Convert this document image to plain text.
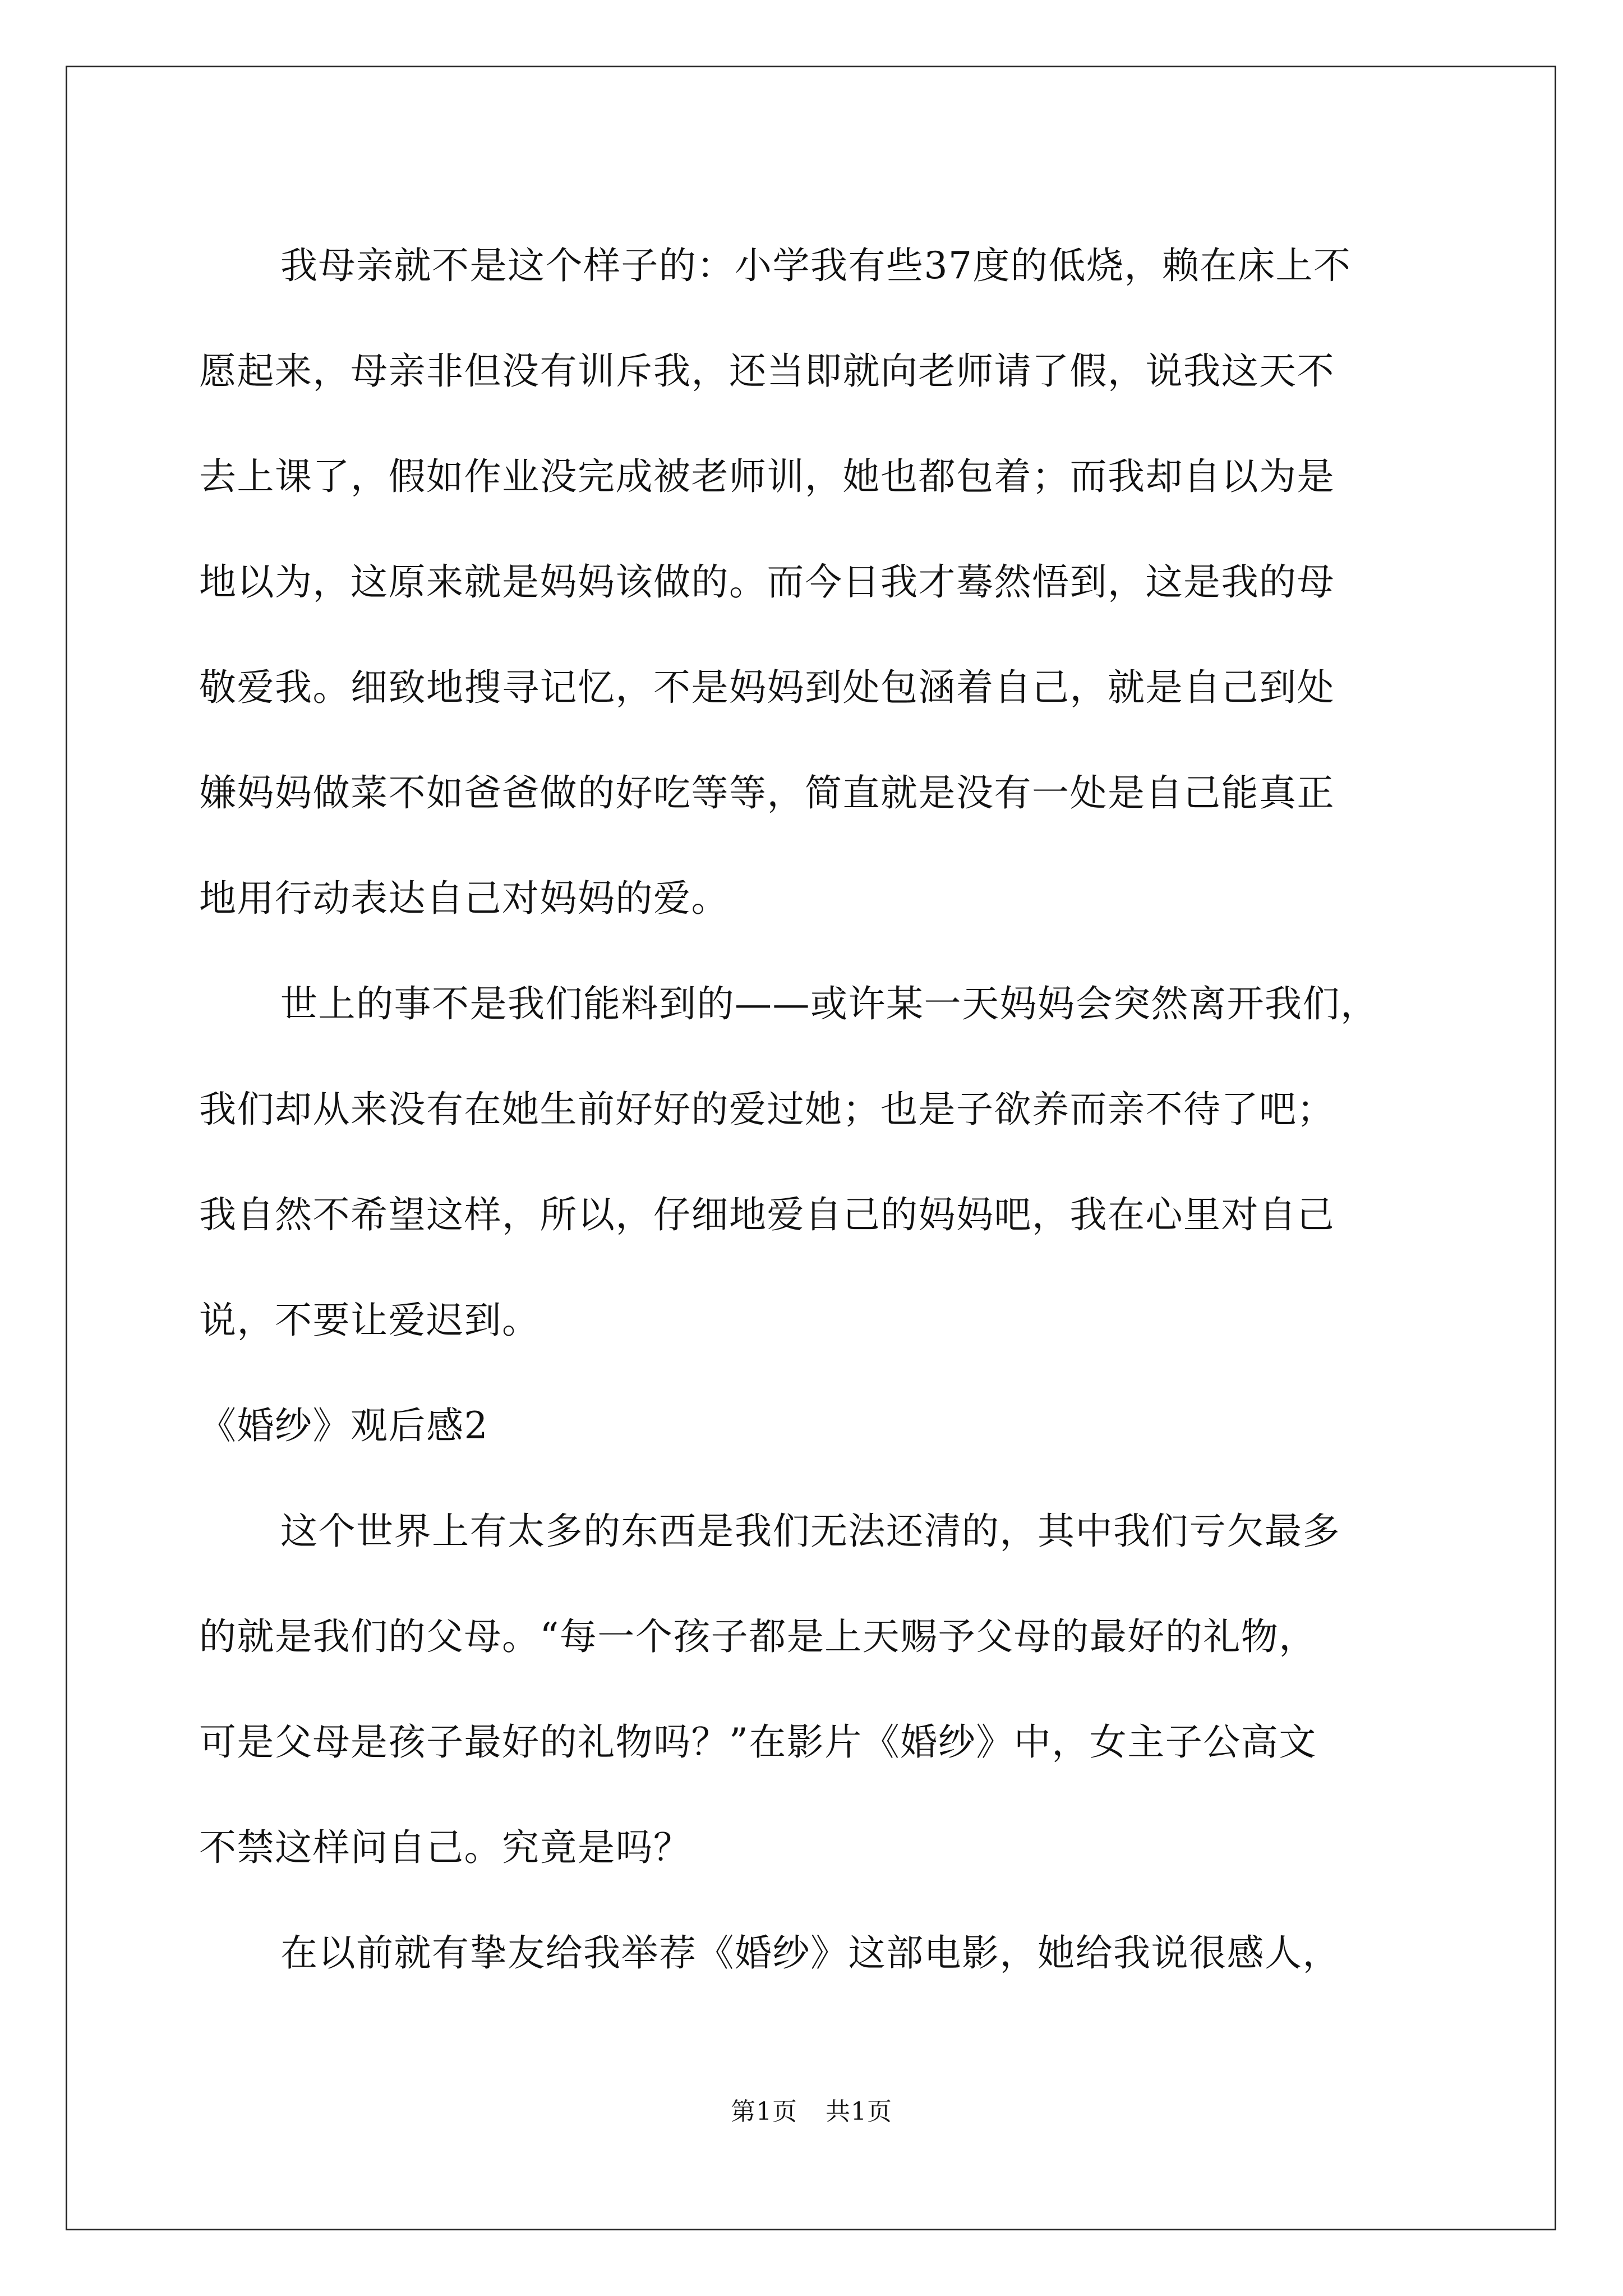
我母亲就不是这个样子的：小学我有些37度的低烧，赖在床上不
愿起来，母亲非但没有训斥我，还当即就向老师请了假，说我这天不
去上课了，假如作业没完成被老师训，她也都包着；而我却自以为是
地以为，这原来就是妈妈该做的。而今日我才蓦然悟到，这是我的母
敬爱我。细致地搜寻记忆，不是妈妈到处包涵着自己，就是自己到处
嫌妈妈做菜不如爸爸做的好吃等等，简直就是没有一处是自己能真正
地用行动表达自己对妈妈的爱。
世上的事不是我们能料到的——或许某一天妈妈会突然离开我们，
我们却从来没有在她生前好好的爱过她；也是子欲养而亲不待了吧；
我自然不希望这样，所以，仔细地爱自己的妈妈吧，我在心里对自己
说，不要让爱迟到。
《婚纱》观后感2
这个世界上有太多的东西是我们无法还清的，其中我们亏欠最多
的就是我们的父母。“每一个孩子都是上天赐予父母的最好的礼物，
可是父母是孩子最好的礼物吗？”在影片《婚纱》中，女主子公高文
不禁这样问自己。究竟是吗？
在以前就有挚友给我举荐《婚纱》这部电影，她给我说很感人，
第1页 共1页
